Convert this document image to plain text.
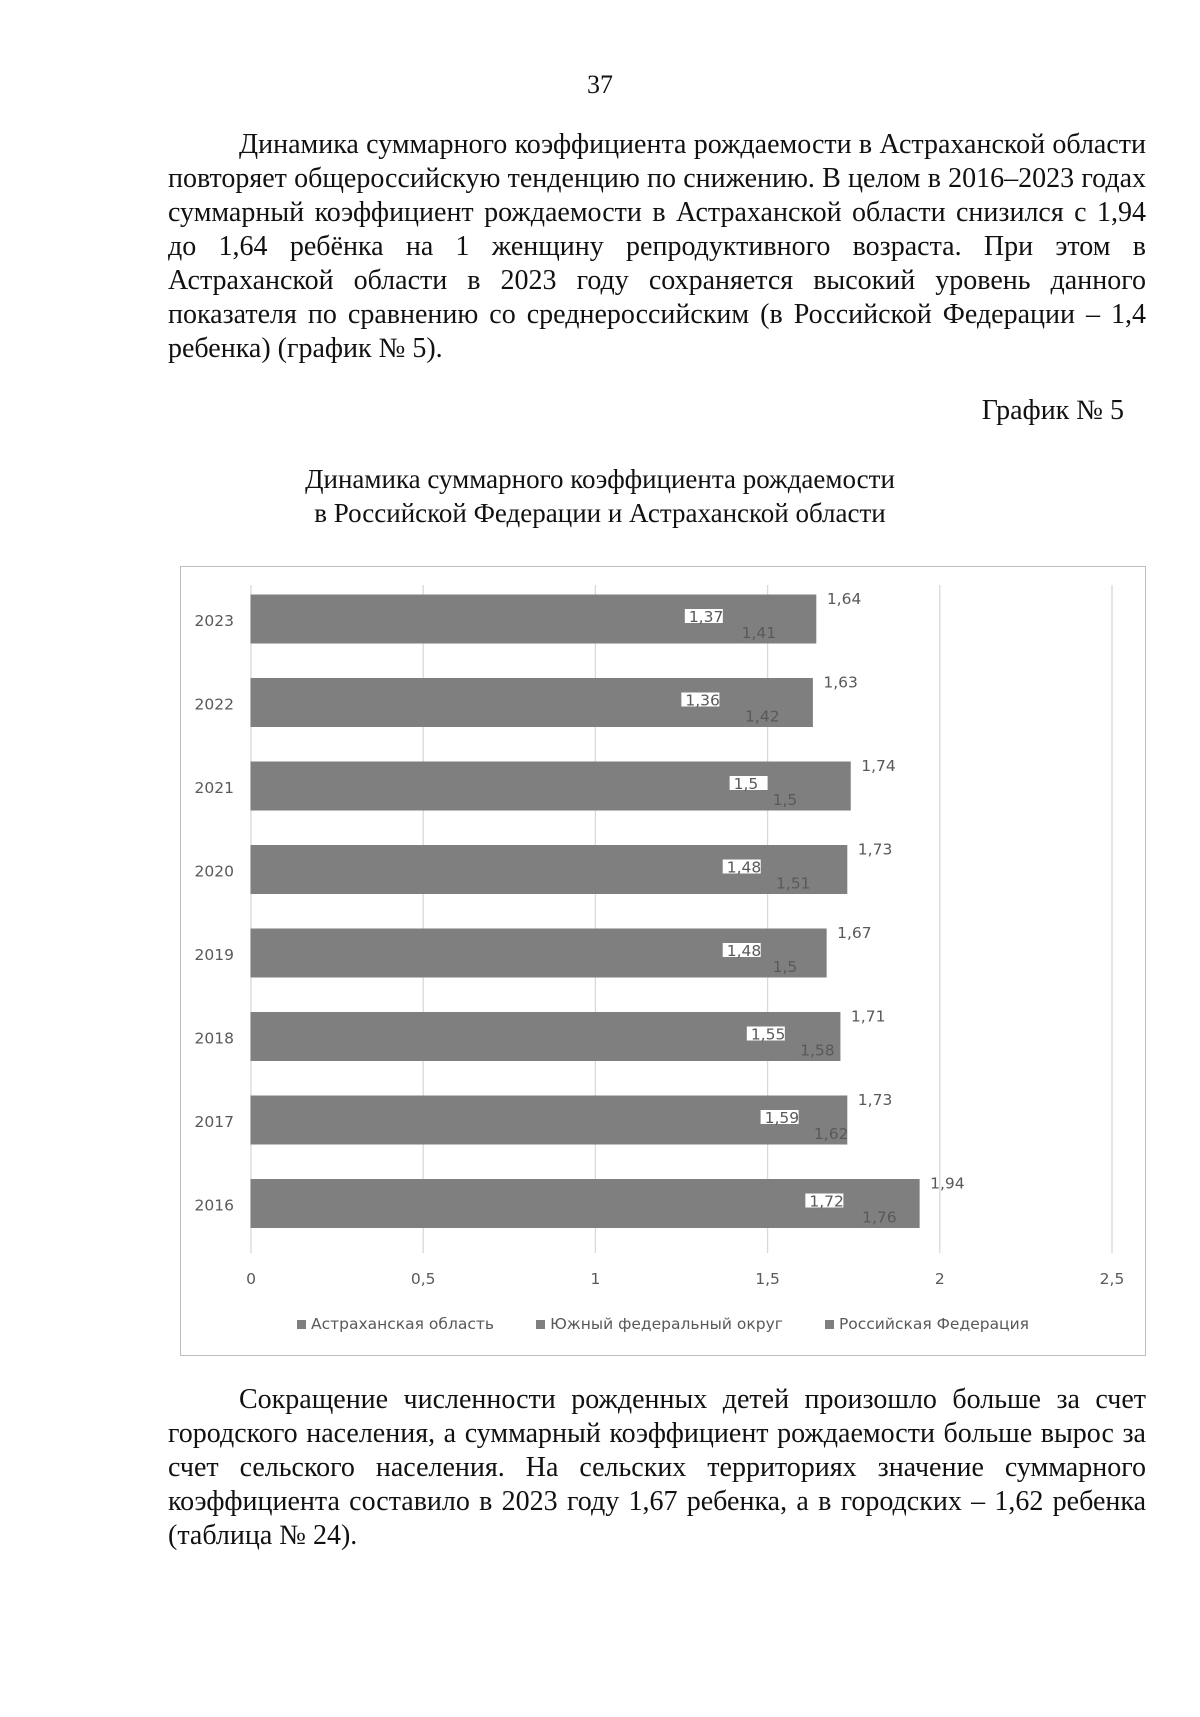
37
Динамика суммарного коэффициента рождаемости в Астраханской области повторяет общероссийскую тенденцию по снижению. В целом в 2016–2023 годах суммарный коэффициент рождаемости в Астраханской области снизился с 1,94 до 1,64 ребёнка на 1 женщину репродуктивного возраста. При этом в Астраханской области в 2023 году сохраняется высокий уровень данного показателя по сравнению со среднероссийским (в Российской Федерации – 1,4 ребенка) (график № 5).
График № 5
Динамика суммарного коэффициента рождаемости
в Российской Федерации и Астраханской области
0	0,5	1	1,5	2	2,5
2023
1,64
1,37
1,41
2022
1,63
1,36
1,42
2021
1,74
1,5
1,5
2020
1,73
1,48
1,51
2019
1,67
1,48
1,5
2018
1,71
1,55
1,58
2017
1,73
1,59
1,62
2016
1,94
1,72
1,76
Астраханская область	Южный федеральный округ	Российская Федерация
Сокращение численности рожденных детей произошло больше за счет городского населения, а суммарный коэффициент рождаемости больше вырос за счет сельского населения. На сельских территориях значение суммарного коэффициента составило в 2023 году 1,67 ребенка, а в городских – 1,62 ребенка (таблица № 24).
